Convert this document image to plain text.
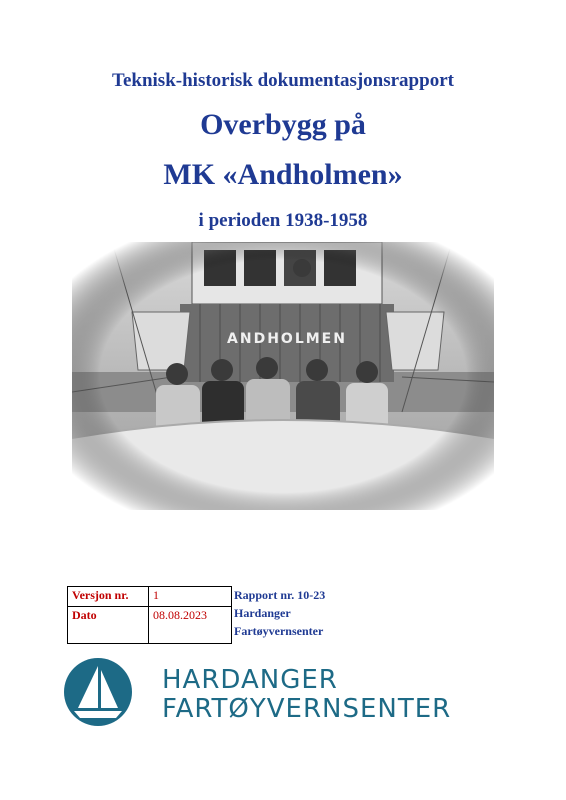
Teknisk-historisk dokumentasjonsrapport
Overbygg på
MK «Andholmen»
i perioden 1938-1958
Versjon nr.	1
Dato	08.08.2023
Rapport nr. 10-23
Hardanger
Fartøyvernsenter
HARDANGER
FARTØYVERNSENTER
